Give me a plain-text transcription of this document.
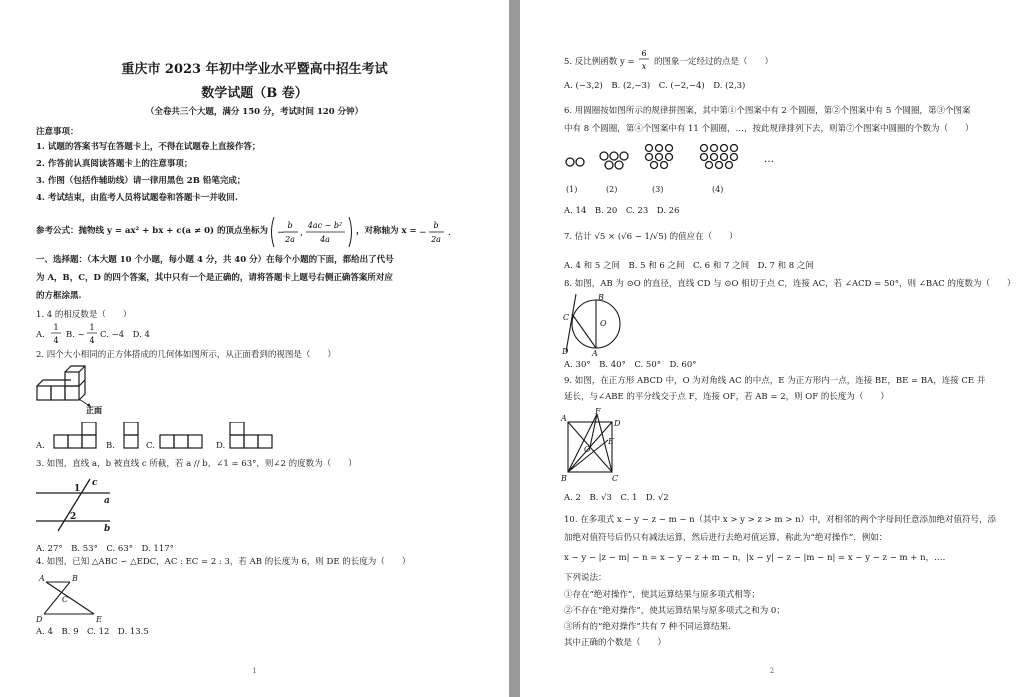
重庆市 2023 年初中学业水平暨高中招生考试
数学试题（B 卷）
（全卷共三个大题，满分 150 分，考试时间 120 分钟）
注意事项：
1. 试题的答案书写在答题卡上，不得在试题卷上直接作答；
2. 作答前认真阅读答题卡上的注意事项；
3. 作图（包括作辅助线）请一律用黑色 2B 铅笔完成；
4. 考试结束，由监考人员将试题卷和答题卡一并收回.
参考公式：抛物线 y = ax² + bx + c(a ≠ 0) 的顶点坐标为 −
b
2a
,
4ac − b²
4a
，对称轴为 x = −
b
2a
.
一、选择题：（本大题 10 个小题，每小题 4 分，共 40 分）在每个小题的下面，都给出了代号
为 A，B，C，D 的四个答案，其中只有一个是正确的，请将答题卡上题号右侧正确答案所对应
的方框涂黑.
1. 4 的相反数是（　　）
A.
1
4
B. −
1
4
C. −4　D. 4
2. 四个大小相同的正方体搭成的几何体如图所示，从正面看到的视图是（　　）
正面
A.	B.	C.	D.
3. 如图，直线 a，b 被直线 c 所截，若 a // b，∠1 = 63°，则∠2 的度数为（　　）
c
a
b
1
2
A. 27°　B. 53°　C. 63°　D. 117°
4. 如图，已知 △ABC ∽ △EDC，AC : EC = 2 : 3，若 AB 的长度为 6，则 DE 的长度为（　　）
A	B
C
D	E
A. 4　B. 9　C. 12　D. 13.5
1
5. 反比例函数 y =
6
x 的图象一定经过的点是（　　）
A. (−3,2)　B. (2,−3)　C. (−2,−4)　D. (2,3)
6. 用圆圈按如图所示的规律拼图案，其中第①个图案中有 2 个圆圈，第②个图案中有 5 个圆圈，第③个图案
中有 8 个圆圈，第④个图案中有 11 个圆圈，…，按此规律排列下去，则第⑦个图案中圆圈的个数为（　　）
…
(1)	(2)	(3)	(4)
A. 14　B. 20　C. 23　D. 26
7. 估计 √5 × (√6 − 1/√5) 的值应在（　　）
A. 4 和 5 之间　B. 5 和 6 之间　C. 6 和 7 之间　D. 7 和 8 之间
8. 如图，AB 为 ⊙O 的直径，直线 CD 与 ⊙O 相切于点 C，连接 AC，若 ∠ACD = 50°，则 ∠BAC 的度数为（　　）
B
C
O
D	A
A. 30°　B. 40°　C. 50°　D. 60°
9. 如图，在正方形 ABCD 中，O 为对角线 AC 的中点，E 为正方形内一点，连接 BE，BE = BA，连接 CE 并
延长，与∠ABE 的平分线交于点 F，连接 OF，若 AB = 2，则 OF 的长度为（　　）
A
F
D
E
O
B	C
A. 2　B. √3　C. 1　D. √2
10. 在多项式 x − y − z − m − n（其中 x > y > z > m > n）中，对相邻的两个字母间任意添加绝对值符号，添
加绝对值符号后仍只有减法运算，然后进行去绝对值运算，称此为“绝对操作”．例如：
x − y − |z − m| − n = x − y − z + m − n，|x − y| − z − |m − n| = x − y − z − m + n，…．
下列说法：
①存在“绝对操作”，使其运算结果与原多项式相等；
②不存在“绝对操作”，使其运算结果与原多项式之和为 0；
③所有的“绝对操作”共有 7 种不同运算结果.
其中正确的个数是（　　）
2
